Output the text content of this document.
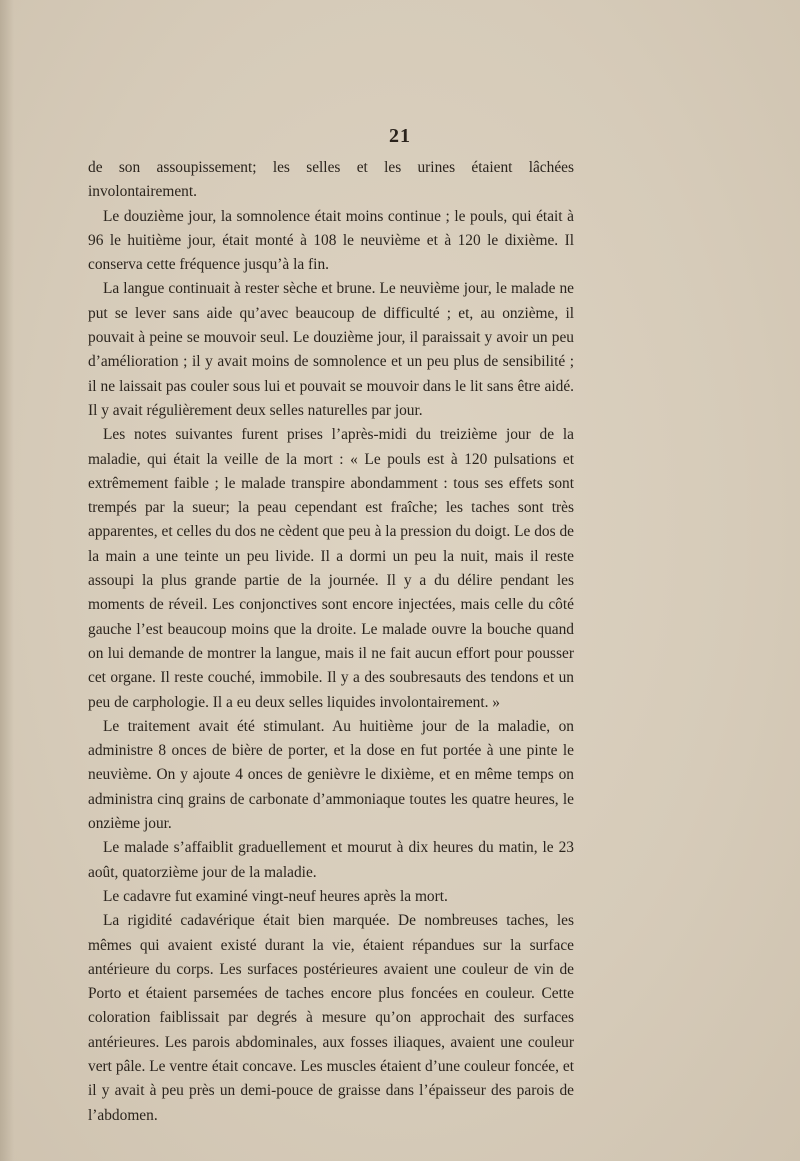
21

de son assoupissement; les selles et les urines étaient lâchées involontairement.

Le douzième jour, la somnolence était moins continue ; le pouls, qui était à 96 le huitième jour, était monté à 108 le neuvième et à 120 le dixième. Il conserva cette fréquence jusqu’à la fin.

La langue continuait à rester sèche et brune. Le neuvième jour, le malade ne put se lever sans aide qu’avec beaucoup de difficulté ; et, au onzième, il pouvait à peine se mouvoir seul. Le douzième jour, il paraissait y avoir un peu d’amélioration ; il y avait moins de somnolence et un peu plus de sensibilité ; il ne laissait pas couler sous lui et pouvait se mouvoir dans le lit sans être aidé. Il y avait régulièrement deux selles naturelles par jour.

Les notes suivantes furent prises l’après-midi du treizième jour de la maladie, qui était la veille de la mort : « Le pouls est à 120 pulsations et extrêmement faible ; le malade transpire abondamment : tous ses effets sont trempés par la sueur; la peau cependant est fraîche; les taches sont très apparentes, et celles du dos ne cèdent que peu à la pression du doigt. Le dos de la main a une teinte un peu livide. Il a dormi un peu la nuit, mais il reste assoupi la plus grande partie de la journée. Il y a du délire pendant les moments de réveil. Les conjonctives sont encore injectées, mais celle du côté gauche l’est beaucoup moins que la droite. Le malade ouvre la bouche quand on lui demande de montrer la langue, mais il ne fait aucun effort pour pousser cet organe. Il reste couché, immobile. Il y a des soubresauts des tendons et un peu de carphologie. Il a eu deux selles liquides involontairement. »

Le traitement avait été stimulant. Au huitième jour de la maladie, on administre 8 onces de bière de porter, et la dose en fut portée à une pinte le neuvième. On y ajoute 4 onces de genièvre le dixième, et en même temps on administra cinq grains de carbonate d’ammoniaque toutes les quatre heures, le onzième jour.

Le malade s’affaiblit graduellement et mourut à dix heures du matin, le 23 août, quatorzième jour de la maladie.

Le cadavre fut examiné vingt-neuf heures après la mort.

La rigidité cadavérique était bien marquée. De nombreuses taches, les mêmes qui avaient existé durant la vie, étaient répandues sur la surface antérieure du corps. Les surfaces postérieures avaient une couleur de vin de Porto et étaient parsemées de taches encore plus foncées en couleur. Cette coloration faiblissait par degrés à mesure qu’on approchait des surfaces antérieures. Les parois abdominales, aux fosses iliaques, avaient une couleur vert pâle. Le ventre était concave. Les muscles étaient d’une couleur foncée, et il y avait à peu près un demi-pouce de graisse dans l’épaisseur des parois de l’abdomen.
